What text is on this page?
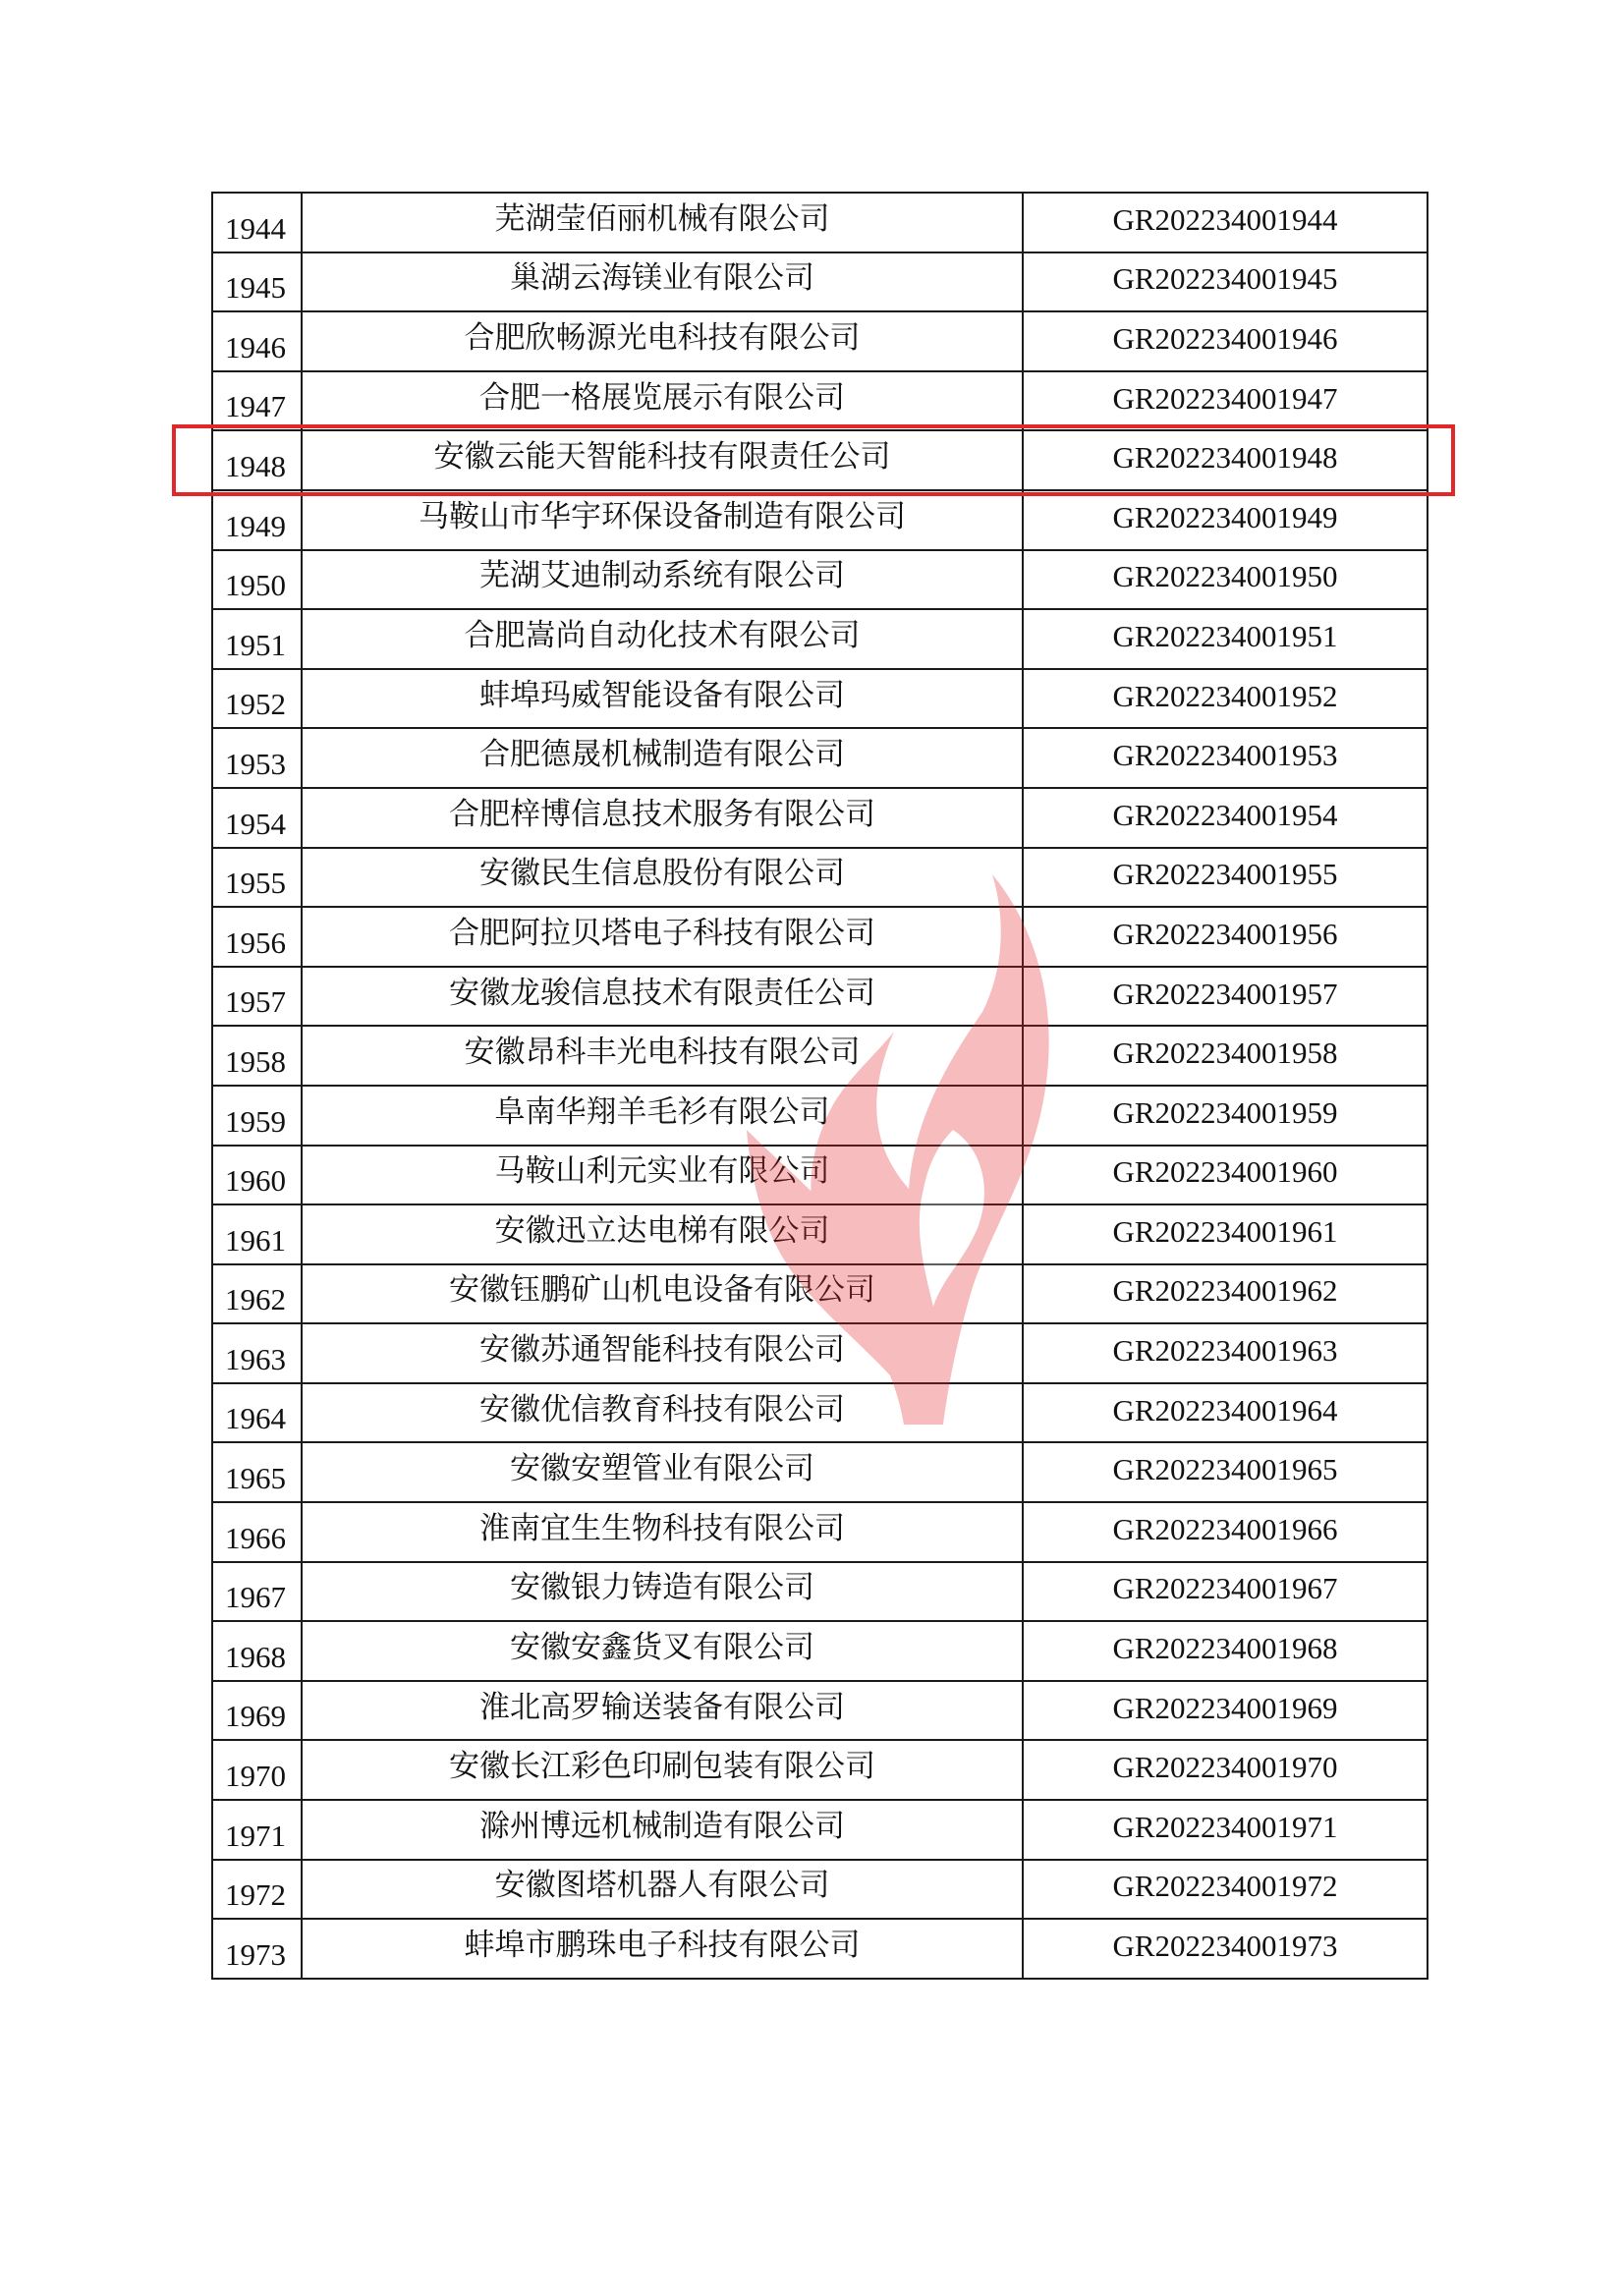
1944	芜湖莹佰丽机械有限公司	GR202234001944
1945	巢湖云海镁业有限公司	GR202234001945
1946	合肥欣畅源光电科技有限公司	GR202234001946
1947	合肥一格展览展示有限公司	GR202234001947
1948	安徽云能天智能科技有限责任公司	GR202234001948
1949	马鞍山市华宇环保设备制造有限公司	GR202234001949
1950	芜湖艾迪制动系统有限公司	GR202234001950
1951	合肥嵩尚自动化技术有限公司	GR202234001951
1952	蚌埠玛威智能设备有限公司	GR202234001952
1953	合肥德晟机械制造有限公司	GR202234001953
1954	合肥梓博信息技术服务有限公司	GR202234001954
1955	安徽民生信息股份有限公司	GR202234001955
1956	合肥阿拉贝塔电子科技有限公司	GR202234001956
1957	安徽龙骏信息技术有限责任公司	GR202234001957
1958	安徽昂科丰光电科技有限公司	GR202234001958
1959	阜南华翔羊毛衫有限公司	GR202234001959
1960	马鞍山利元实业有限公司	GR202234001960
1961	安徽迅立达电梯有限公司	GR202234001961
1962	安徽钰鹏矿山机电设备有限公司	GR202234001962
1963	安徽苏通智能科技有限公司	GR202234001963
1964	安徽优信教育科技有限公司	GR202234001964
1965	安徽安塑管业有限公司	GR202234001965
1966	淮南宜生生物科技有限公司	GR202234001966
1967	安徽银力铸造有限公司	GR202234001967
1968	安徽安鑫货叉有限公司	GR202234001968
1969	淮北高罗输送装备有限公司	GR202234001969
1970	安徽长江彩色印刷包装有限公司	GR202234001970
1971	滁州博远机械制造有限公司	GR202234001971
1972	安徽图塔机器人有限公司	GR202234001972
1973	蚌埠市鹏珠电子科技有限公司	GR202234001973
